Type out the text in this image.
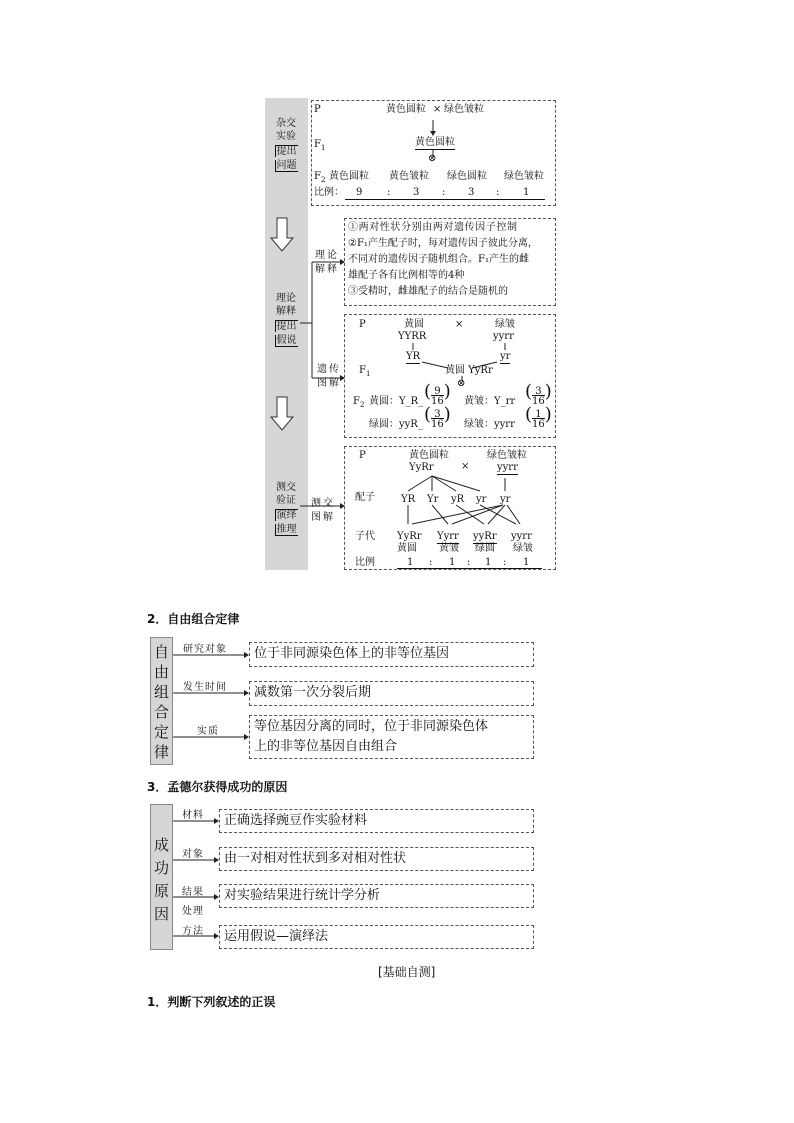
杂交
实验
提出
问题
理论
解释
提出
假说
测交
验证
演绎
推理
P	黄色圆粒 × 绿色皱粒
$F_1$	黄色圆粒
⊗
$F_2$ 黄色圆粒 黄色皱粒 绿色圆粒 绿色皱粒
比例： 9 : 3 : 3 : 1
理论
解释
①两对性状分别由两对遗传因子控制
②F₁产生配子时，每对遗传因子彼此分离，
不同对的遗传因子随机组合。F₁产生的雌
雄配子各有比例相等的4种
③受精时，雌雄配子的结合是随机的
遗传
图解
P	黄圆
YYRR
×	绿皱
yyrr
YR	yr
$F_1$	黄圆 YyRr
⊗
$F_2$ 黄圆：Y_R_ $(\frac{9}{16})$ 黄皱：Y_rr $(\frac{3}{16})$
绿圆：yyR_ $(\frac{3}{16})$ 绿皱：yyrr $(\frac{1}{16})$
测交
图解
P	黄色圆粒
YyRr	×
绿色皱粒
yyrr
配子	YR Yr yR yr yr
子代 YyRr Yyrr yyRr yyrr
黄圆 黄皱 绿圆 绿皱
比例	1 : 1 : 1 : 1
2．自由组合定律
自
由
组
合
定
律
研究对象
发生时间
实质
位于非同源染色体上的非等位基因
减数第一次分裂后期
等位基因分离的同时，位于非同源染色体
上的非等位基因自由组合
3．孟德尔获得成功的原因
成
功
原
因
材料
对象
结果
处理
方法
正确选择豌豆作实验材料
由一对相对性状到多对相对性状
对实验结果进行统计学分析
运用假说—演绎法
[基础自测]
1．判断下列叙述的正误
